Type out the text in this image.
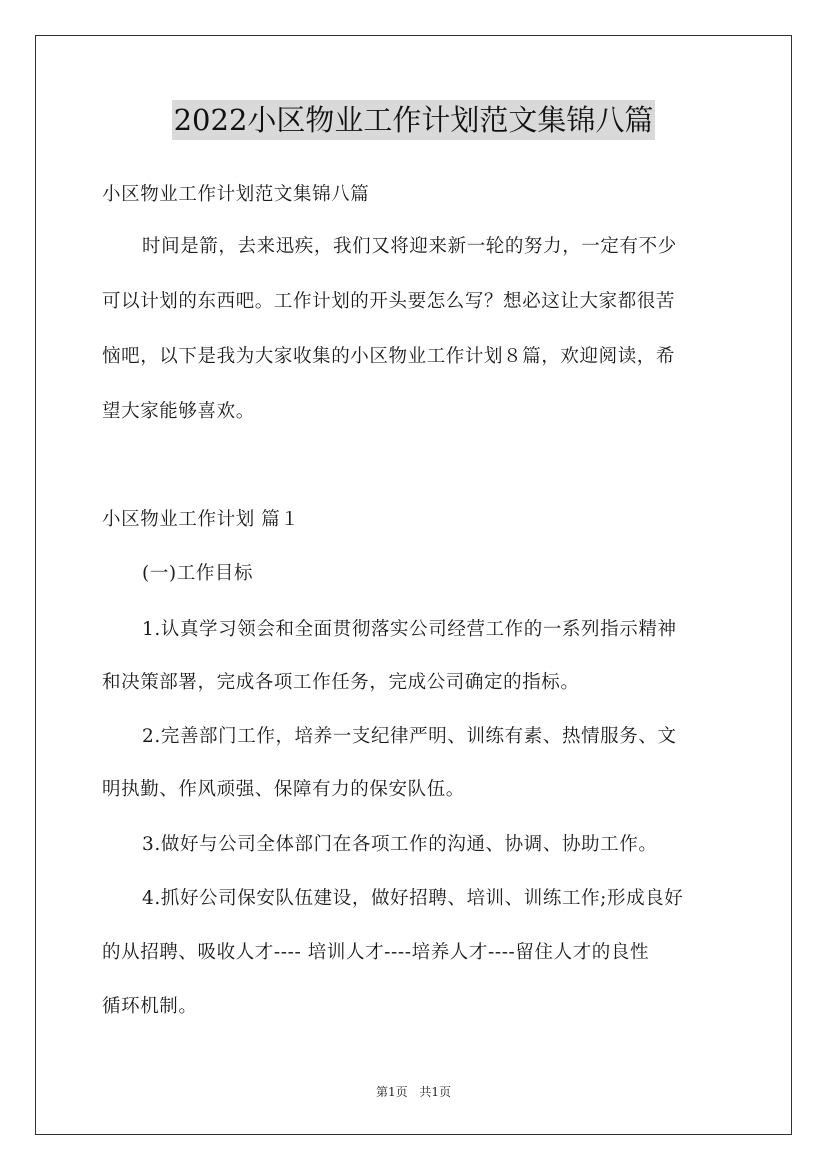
2022小区物业工作计划范文集锦八篇
小区物业工作计划范文集锦八篇
时间是箭，去来迅疾，我们又将迎来新一轮的努力，一定有不少
可以计划的东西吧。工作计划的开头要怎么写？想必这让大家都很苦
恼吧，以下是我为大家收集的小区物业工作计划８篇，欢迎阅读，希
望大家能够喜欢。
小区物业工作计划 篇１
(一)工作目标
1.认真学习领会和全面贯彻落实公司经营工作的一系列指示精神
和决策部署，完成各项工作任务，完成公司确定的指标。
2.完善部门工作，培养一支纪律严明、训练有素、热情服务、文
明执勤、作风顽强、保障有力的保安队伍。
3.做好与公司全体部门在各项工作的沟通、协调、协助工作。
4.抓好公司保安队伍建设，做好招聘、培训、训练工作;形成良好
的从招聘、吸收人才---- 培训人才----培养人才----留住人才的良性
循环机制。
第1页 共1页
